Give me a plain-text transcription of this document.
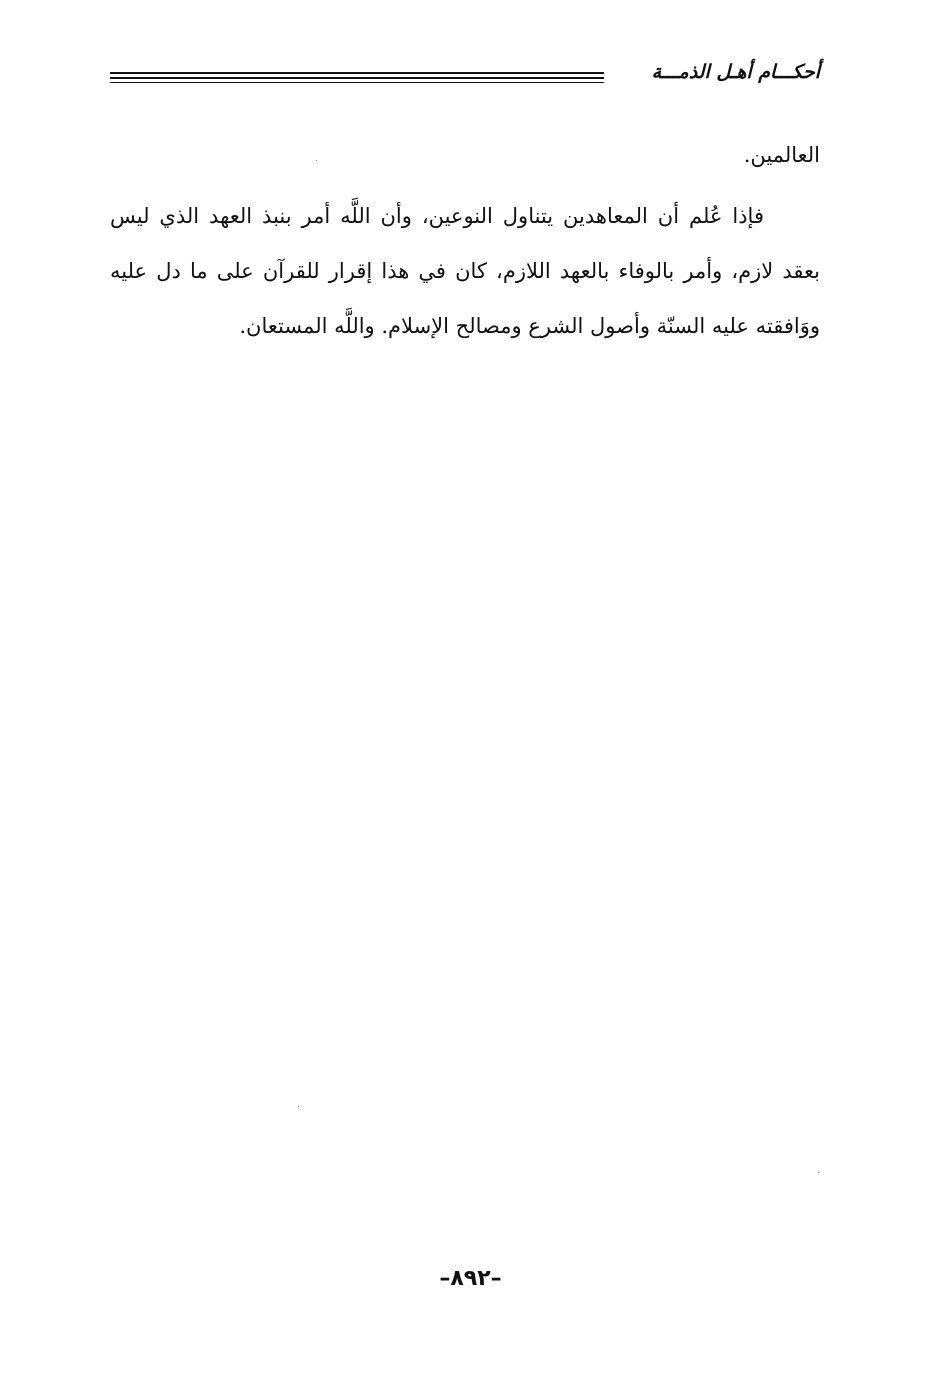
أحكـــام أهـل الذمـــة

العالمين.

فإذا عُلم أن المعاهدين يتناول النوعين، وأن اللَّه أمر بنبذ العهد الذي ليس بعقد لازم، وأمر بالوفاء بالعهد اللازم، كان في هذا إقرار للقرآن على ما دل عليه ووَافقته عليه السنّة وأصول الشرع ومصالح الإسلام. واللَّه المستعان.

–٨٩٢–
